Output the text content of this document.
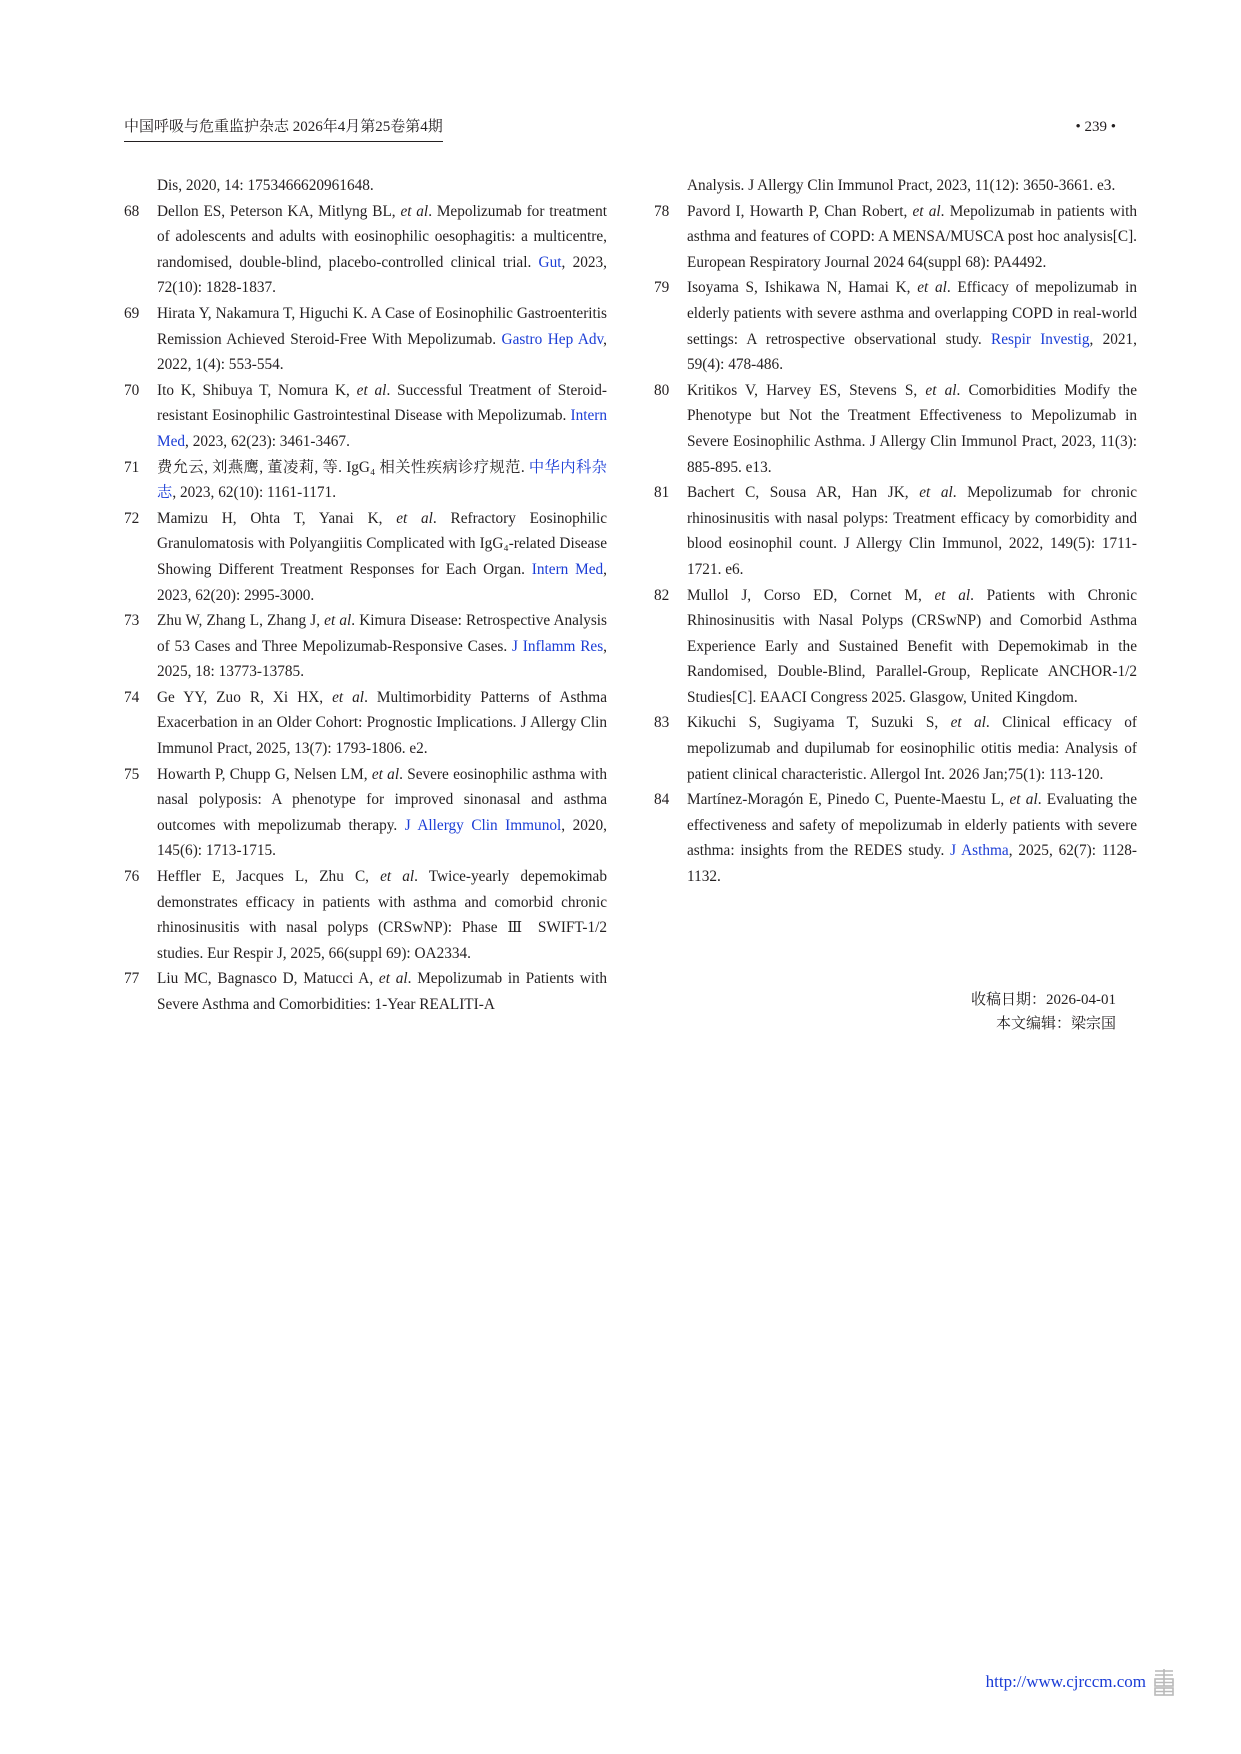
中国呼吸与危重监护杂志 2026年4月第25卷第4期	• 239 •
Dis, 2020, 14: 1753466620961648.
68 Dellon ES, Peterson KA, Mitlyng BL, et al. Mepolizumab for treatment of adolescents and adults with eosinophilic oesophagitis: a multicentre, randomised, double-blind, placebo-controlled clinical trial. Gut, 2023, 72(10): 1828-1837.
69 Hirata Y, Nakamura T, Higuchi K. A Case of Eosinophilic Gastroenteritis Remission Achieved Steroid-Free With Mepolizumab. Gastro Hep Adv, 2022, 1(4): 553-554.
70 Ito K, Shibuya T, Nomura K, et al. Successful Treatment of Steroid-resistant Eosinophilic Gastrointestinal Disease with Mepolizumab. Intern Med, 2023, 62(23): 3461-3467.
71 费允云, 刘燕鹰, 董凌莉, 等. IgG₄ 相关性疾病诊疗规范. 中华内科杂志, 2023, 62(10): 1161-1171.
72 Mamizu H, Ohta T, Yanai K, et al. Refractory Eosinophilic Granulomatosis with Polyangiitis Complicated with IgG₄-related Disease Showing Different Treatment Responses for Each Organ. Intern Med, 2023, 62(20): 2995-3000.
73 Zhu W, Zhang L, Zhang J, et al. Kimura Disease: Retrospective Analysis of 53 Cases and Three Mepolizumab-Responsive Cases. J Inflamm Res, 2025, 18: 13773-13785.
74 Ge YY, Zuo R, Xi HX, et al. Multimorbidity Patterns of Asthma Exacerbation in an Older Cohort: Prognostic Implications. J Allergy Clin Immunol Pract, 2025, 13(7): 1793-1806. e2.
75 Howarth P, Chupp G, Nelsen LM, et al. Severe eosinophilic asthma with nasal polyposis: A phenotype for improved sinonasal and asthma outcomes with mepolizumab therapy. J Allergy Clin Immunol, 2020, 145(6): 1713-1715.
76 Heffler E, Jacques L, Zhu C, et al. Twice-yearly depemokimab demonstrates efficacy in patients with asthma and comorbid chronic rhinosinusitis with nasal polyps (CRSwNP): Phase Ⅲ SWIFT-1/2 studies. Eur Respir J, 2025, 66(suppl 69): OA2334.
77 Liu MC, Bagnasco D, Matucci A, et al. Mepolizumab in Patients with Severe Asthma and Comorbidities: 1-Year REALITI-A
Analysis. J Allergy Clin Immunol Pract, 2023, 11(12): 3650-3661. e3.
78 Pavord I, Howarth P, Chan Robert, et al. Mepolizumab in patients with asthma and features of COPD: A MENSA/MUSCA post hoc analysis[C]. European Respiratory Journal 2024 64(suppl 68): PA4492.
79 Isoyama S, Ishikawa N, Hamai K, et al. Efficacy of mepolizumab in elderly patients with severe asthma and overlapping COPD in real-world settings: A retrospective observational study. Respir Investig, 2021, 59(4): 478-486.
80 Kritikos V, Harvey ES, Stevens S, et al. Comorbidities Modify the Phenotype but Not the Treatment Effectiveness to Mepolizumab in Severe Eosinophilic Asthma. J Allergy Clin Immunol Pract, 2023, 11(3): 885-895. e13.
81 Bachert C, Sousa AR, Han JK, et al. Mepolizumab for chronic rhinosinusitis with nasal polyps: Treatment efficacy by comorbidity and blood eosinophil count. J Allergy Clin Immunol, 2022, 149(5): 1711-1721. e6.
82 Mullol J, Corso ED, Cornet M, et al. Patients with Chronic Rhinosinusitis with Nasal Polyps (CRSwNP) and Comorbid Asthma Experience Early and Sustained Benefit with Depemokimab in the Randomised, Double-Blind, Parallel-Group, Replicate ANCHOR-1/2 Studies[C]. EAACI Congress 2025. Glasgow, United Kingdom.
83 Kikuchi S, Sugiyama T, Suzuki S, et al. Clinical efficacy of mepolizumab and dupilumab for eosinophilic otitis media: Analysis of patient clinical characteristic. Allergol Int. 2026 Jan;75(1): 113-120.
84 Martínez-Moragón E, Pinedo C, Puente-Maestu L, et al. Evaluating the effectiveness and safety of mepolizumab in elderly patients with severe asthma: insights from the REDES study. J Asthma, 2025, 62(7): 1128-1132.
收稿日期：2026-04-01
本文编辑：梁宗国
http://www.cjrccm.com
